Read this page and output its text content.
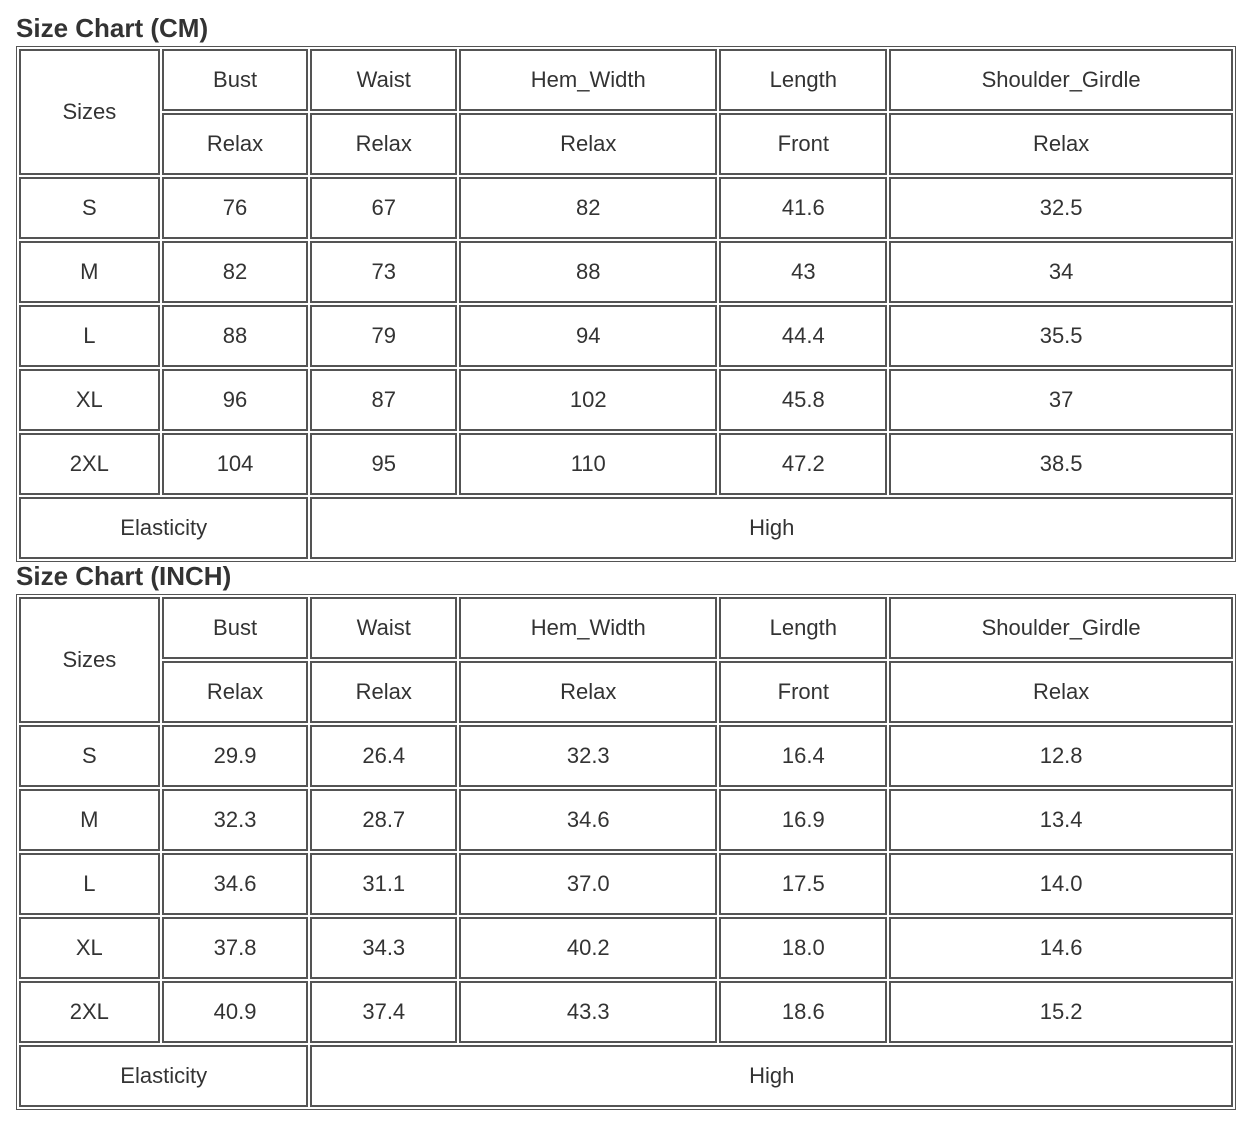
Size Chart (CM)
Sizes	Bust	Waist	Hem_Width	Length	Shoulder_Girdle
	Relax	Relax	Relax	Front	Relax
S	76	67	82	41.6	32.5
M	82	73	88	43	34
L	88	79	94	44.4	35.5
XL	96	87	102	45.8	37
2XL	104	95	110	47.2	38.5
Elasticity		High			
Size Chart (INCH)
Sizes	Bust	Waist	Hem_Width	Length	Shoulder_Girdle
	Relax	Relax	Relax	Front	Relax
S	29.9	26.4	32.3	16.4	12.8
M	32.3	28.7	34.6	16.9	13.4
L	34.6	31.1	37.0	17.5	14.0
XL	37.8	34.3	40.2	18.0	14.6
2XL	40.9	37.4	43.3	18.6	15.2
Elasticity		High			
